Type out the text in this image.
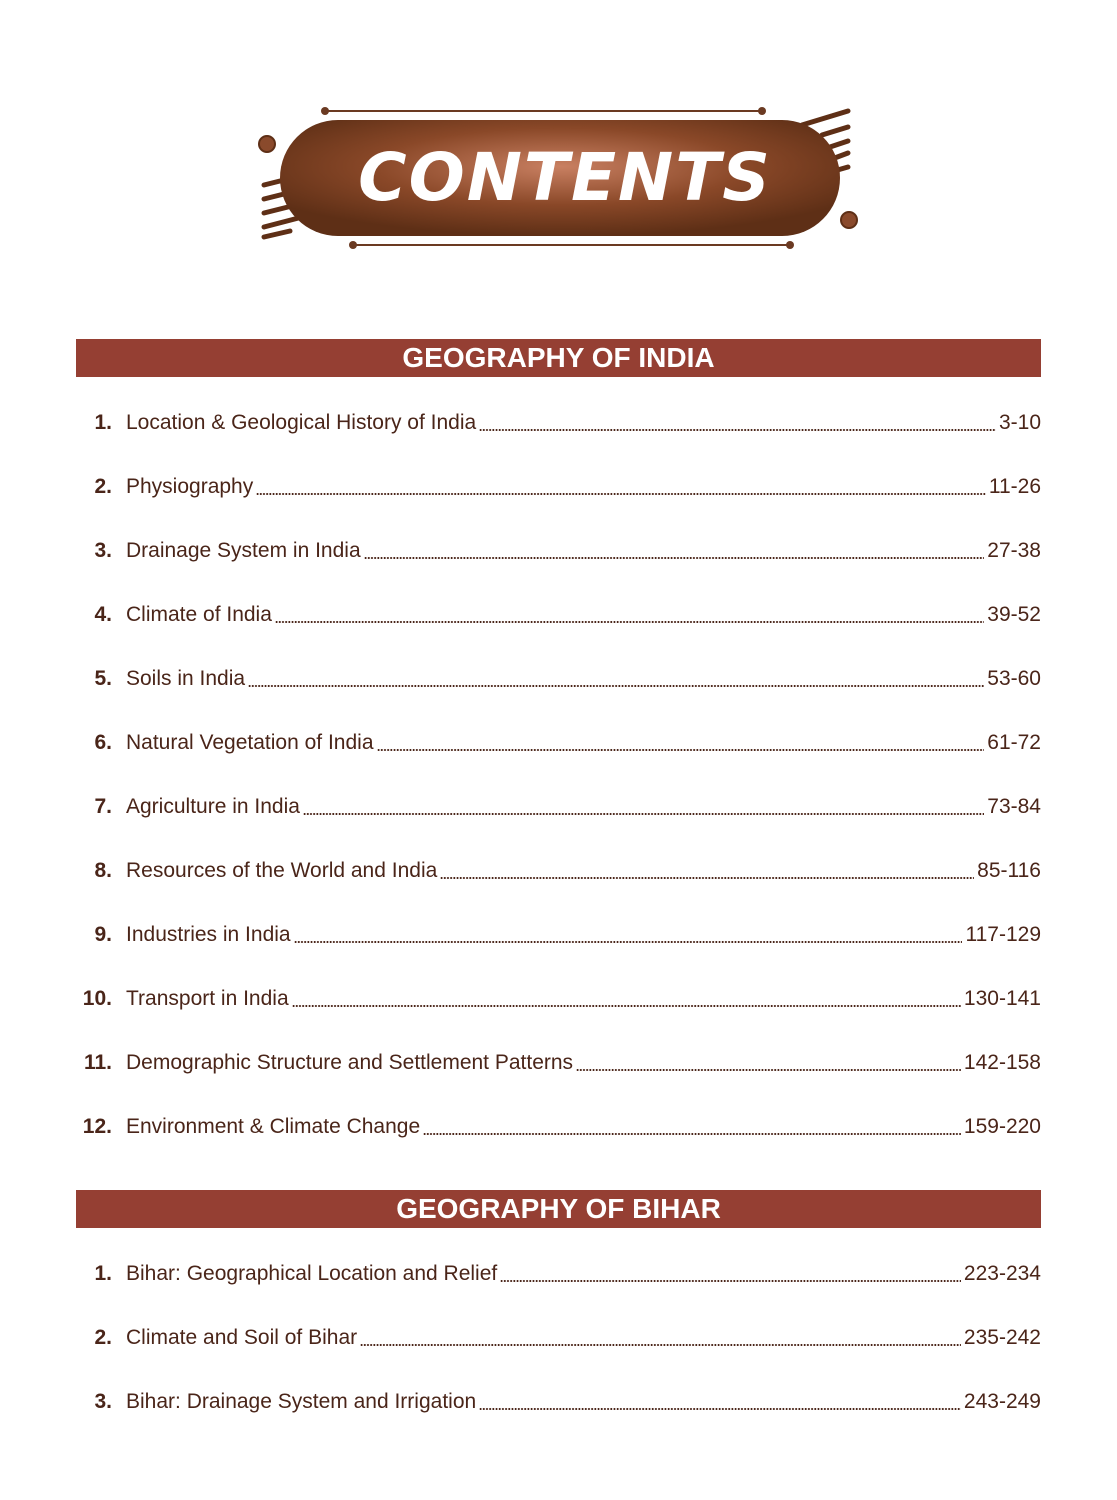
CONTENTS
GEOGRAPHY OF INDIA
1. Location & Geological History of India	3-10
2. Physiography	11-26
3. Drainage System in India	27-38
4. Climate of India	39-52
5. Soils in India	53-60
6. Natural Vegetation of India	61-72
7. Agriculture in India	73-84
8. Resources of the World and India	85-116
9. Industries in India	117-129
10. Transport in India	130-141
11. Demographic Structure and Settlement Patterns	142-158
12. Environment & Climate Change	159-220
GEOGRAPHY OF BIHAR
1. Bihar: Geographical Location and Relief	223-234
2. Climate and Soil of Bihar	235-242
3. Bihar: Drainage System and Irrigation	243-249
